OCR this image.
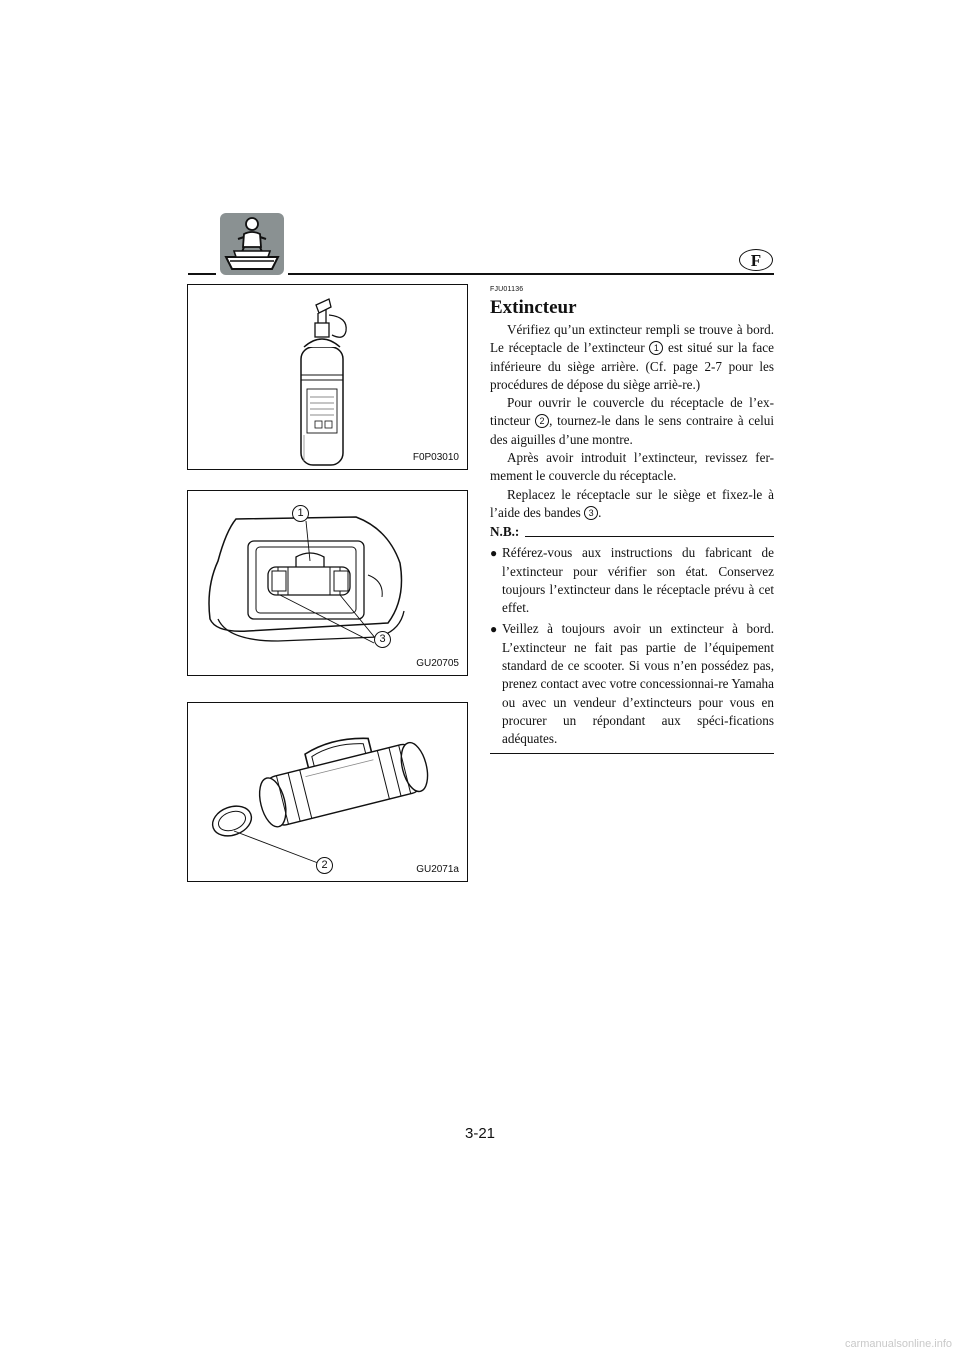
F
F0P03010
1
3
GU20705
2	GU2071a
FJU01136
Extincteur

Vérifiez qu’un extincteur rempli se trouve à bord. Le réceptacle de l’extincteur 1 est situé sur la face inférieure du siège arrière. (Cf. page 2-7 pour les procédures de dépose du siège arriè-re.)

Pour ouvrir le couvercle du réceptacle de l’ex-tincteur 2 , tournez-le dans le sens contraire à celui des aiguilles d’une montre.

Après avoir introduit l’extincteur, revissez fer-mement le couvercle du réceptacle.

Replacez le réceptacle sur le siège et fixez-le à l’aide des bandes 3 .

N.B.:
● Référez-vous aux instructions du fabricant de l’extincteur pour vérifier son état. Conservez toujours l’extincteur dans le réceptacle prévu à cet effet.
● Veillez à toujours avoir un extincteur à bord. L’extincteur ne fait pas partie de l’équipement standard de ce scooter. Si vous n’en possédez pas, prenez contact avec votre concessionnai-re Yamaha ou avec un vendeur d’extincteurs pour vous en procurer un répondant aux spéci-fications adéquates.
3-21
carmanualsonline.info
